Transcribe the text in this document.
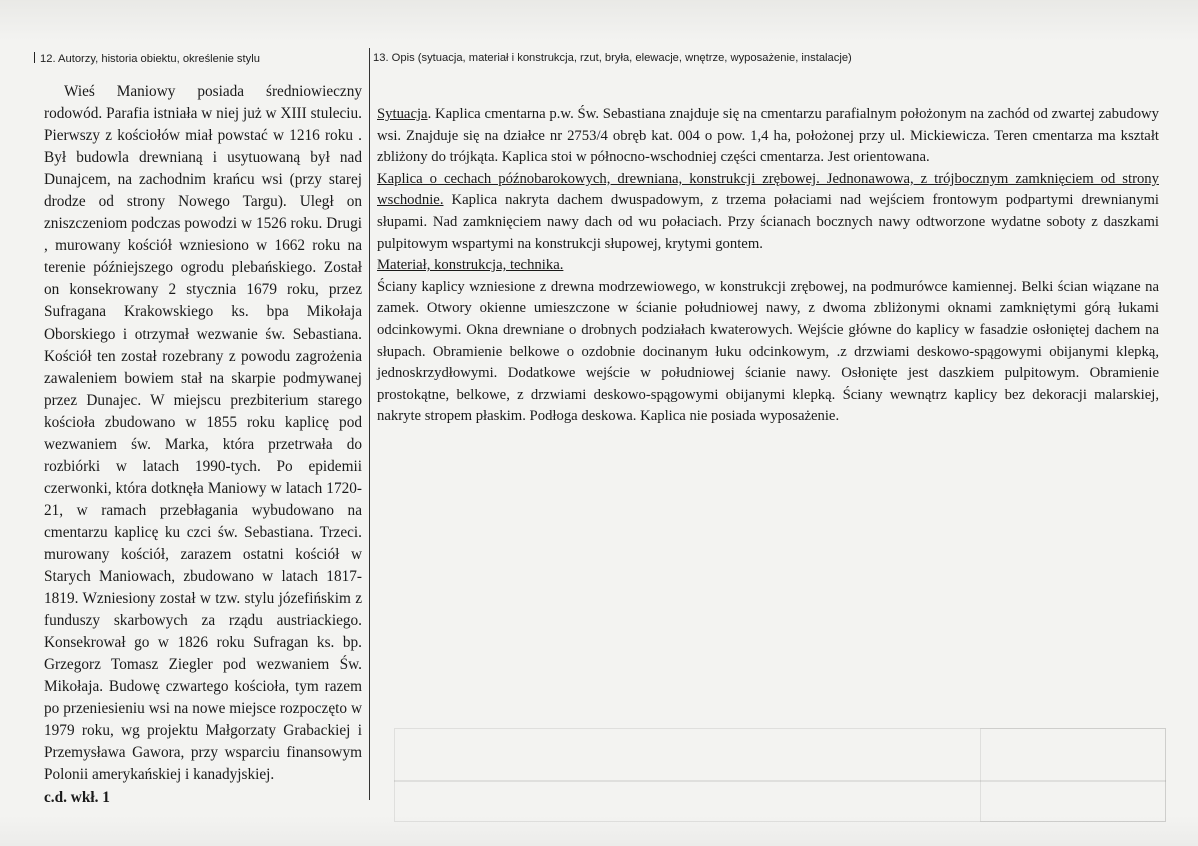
12. Autorzy, historia obiektu, określenie stylu	13. Opis (sytuacja, materiał i konstrukcja, rzut, bryła, elewacje, wnętrze, wyposażenie, instalacje)

Wieś Maniowy posiada średniowieczny rodowód. Parafia istniała w niej już w XIII stuleciu. Pierwszy z kościołów miał powstać w 1216 roku . Był budowla drewnianą i usytuowaną był nad Dunajcem, na zachodnim krańcu wsi (przy starej drodze od strony Nowego Targu). Uległ on zniszczeniom podczas powodzi w 1526 roku. Drugi , murowany kościół wzniesiono w 1662 roku na terenie późniejszego ogrodu plebańskiego. Został on konsekrowany 2 stycznia 1679 roku, przez Sufragana Krakowskiego ks. bpa Mikołaja Oborskiego i otrzymał wezwanie św. Sebastiana. Kościół ten został rozebrany z powodu zagrożenia zawaleniem bowiem stał na skarpie podmywanej przez Dunajec. W miejscu prezbiterium starego kościoła zbudowano w 1855 roku kaplicę pod wezwaniem św. Marka, która przetrwała do rozbiórki w latach 1990-tych. Po epidemii czerwonki, która dotknęła Maniowy w latach 1720-21, w ramach przebłagania wybudowano na cmentarzu kaplicę ku czci św. Sebastiana. Trzeci. murowany kościół, zarazem ostatni kościół w Starych Maniowach, zbudowano w latach 1817-1819. Wzniesiony został w tzw. stylu józefińskim z funduszy skarbowych za rządu austriackiego. Konsekrował go w 1826 roku Sufragan ks. bp. Grzegorz Tomasz Ziegler pod wezwaniem Św. Mikołaja. Budowę czwartego kościoła, tym razem po przeniesieniu wsi na nowe miejsce rozpoczęto w 1979 roku, wg projektu Małgorzaty Grabackiej i Przemysława Gawora, przy wsparciu finansowym Polonii amerykańskiej i kanadyjskiej.

c.d. wkł. 1

Sytuacja. Kaplica cmentarna p.w. Św. Sebastiana znajduje się na cmentarzu parafialnym położonym na zachód od zwartej zabudowy wsi. Znajduje się na działce nr 2753/4 obręb kat. 004 o pow. 1,4 ha, położonej przy ul. Mickiewicza. Teren cmentarza ma kształt zbliżony do trójkąta. Kaplica stoi w północno-wschodniej części cmentarza. Jest orientowana.

Kaplica o cechach późnobarokowych, drewniana, konstrukcji zrębowej. Jednonawowa, z trójbocznym zamknięciem od strony wschodnie. Kaplica nakryta dachem dwuspadowym, z trzema połaciami nad wejściem frontowym podpartymi drewnianymi słupami. Nad zamknięciem nawy dach od wu połaciach. Przy ścianach bocznych nawy odtworzone wydatne soboty z daszkami pulpitowym wspartymi na konstrukcji słupowej, krytymi gontem.

Materiał, konstrukcja, technika.

Ściany kaplicy wzniesione z drewna modrzewiowego, w konstrukcji zrębowej, na podmurówce kamiennej. Belki ścian wiązane na zamek. Otwory okienne umieszczone w ścianie południowej nawy, z dwoma zbliżonymi oknami zamkniętymi górą łukami odcinkowymi. Okna drewniane o drobnych podziałach kwaterowych. Wejście główne do kaplicy w fasadzie osłoniętej dachem na słupach. Obramienie belkowe o ozdobnie docinanym łuku odcinkowym, .z drzwiami deskowo-spągowymi obijanymi klepką, jednoskrzydłowymi. Dodatkowe wejście w południowej ścianie nawy. Osłonięte jest daszkiem pulpitowym. Obramienie prostokątne, belkowe, z drzwiami deskowo-spągowymi obijanymi klepką. Ściany wewnątrz kaplicy bez dekoracji malarskiej, nakryte stropem płaskim. Podłoga deskowa. Kaplica nie posiada wyposażenie.
